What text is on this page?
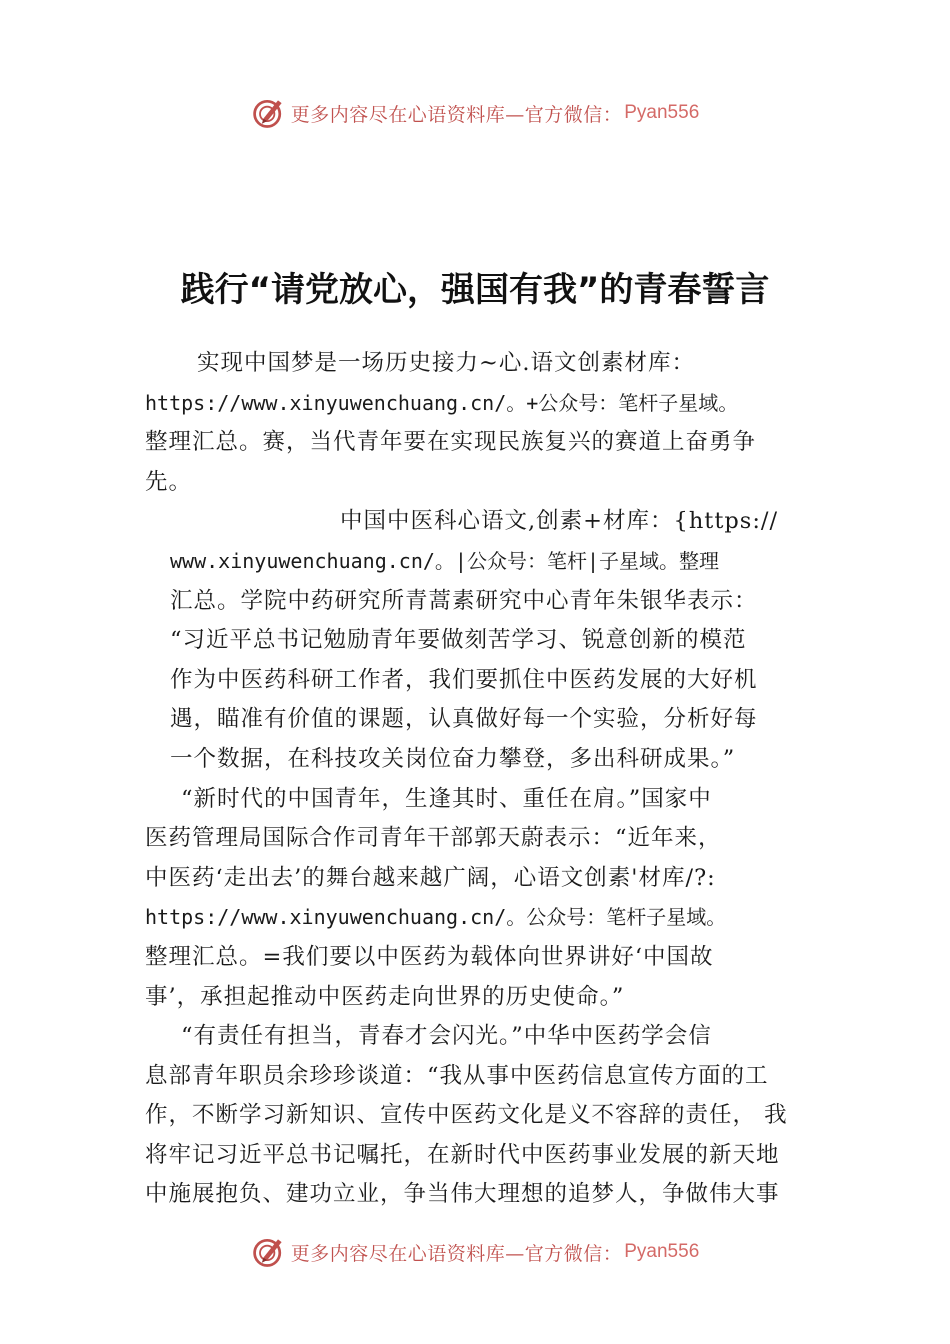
更多内容尽在心语资料库—官方微信： Pyan556
践行“请党放心，强国有我”的青春誓言
实现中国梦是一场历史接力~心.语文创素材库：
https://www.xinyuwenchuang.cn/。+公众号：笔杆子星域。
整理汇总。赛，当代青年要在实现民族复兴的赛道上奋勇争
先。
中国中医科心语文,创素+材库：{https://
www.xinyuwenchuang.cn/。|公众号：笔杆|子星域。整理
汇总。学院中药研究所青蒿素研究中心青年朱银华表示：
“习近平总书记勉励青年要做刻苦学习、锐意创新的模范
作为中医药科研工作者，我们要抓住中医药发展的大好机
遇，瞄准有价值的课题，认真做好每一个实验，分析好每
一个数据，在科技攻关岗位奋力攀登，多出科研成果。”
“新时代的中国青年，生逢其时、重任在肩。”国家中
医药管理局国际合作司青年干部郭天蔚表示：“近年来，
中医药‘走出去’的舞台越来越广阔，心语文创素'材库/?:
https://www.xinyuwenchuang.cn/。公众号：笔杆子星域。
整理汇总。=我们要以中医药为载体向世界讲好‘中国故
事’，承担起推动中医药走向世界的历史使命。”
“有责任有担当，青春才会闪光。”中华中医药学会信
息部青年职员余珍珍谈道：“我从事中医药信息宣传方面的工
作，不断学习新知识、宣传中医药文化是义不容辞的责任， 我
将牢记习近平总书记嘱托，在新时代中医药事业发展的新天地
中施展抱负、建功立业，争当伟大理想的追梦人，争做伟大事
更多内容尽在心语资料库—官方微信： Pyan556
